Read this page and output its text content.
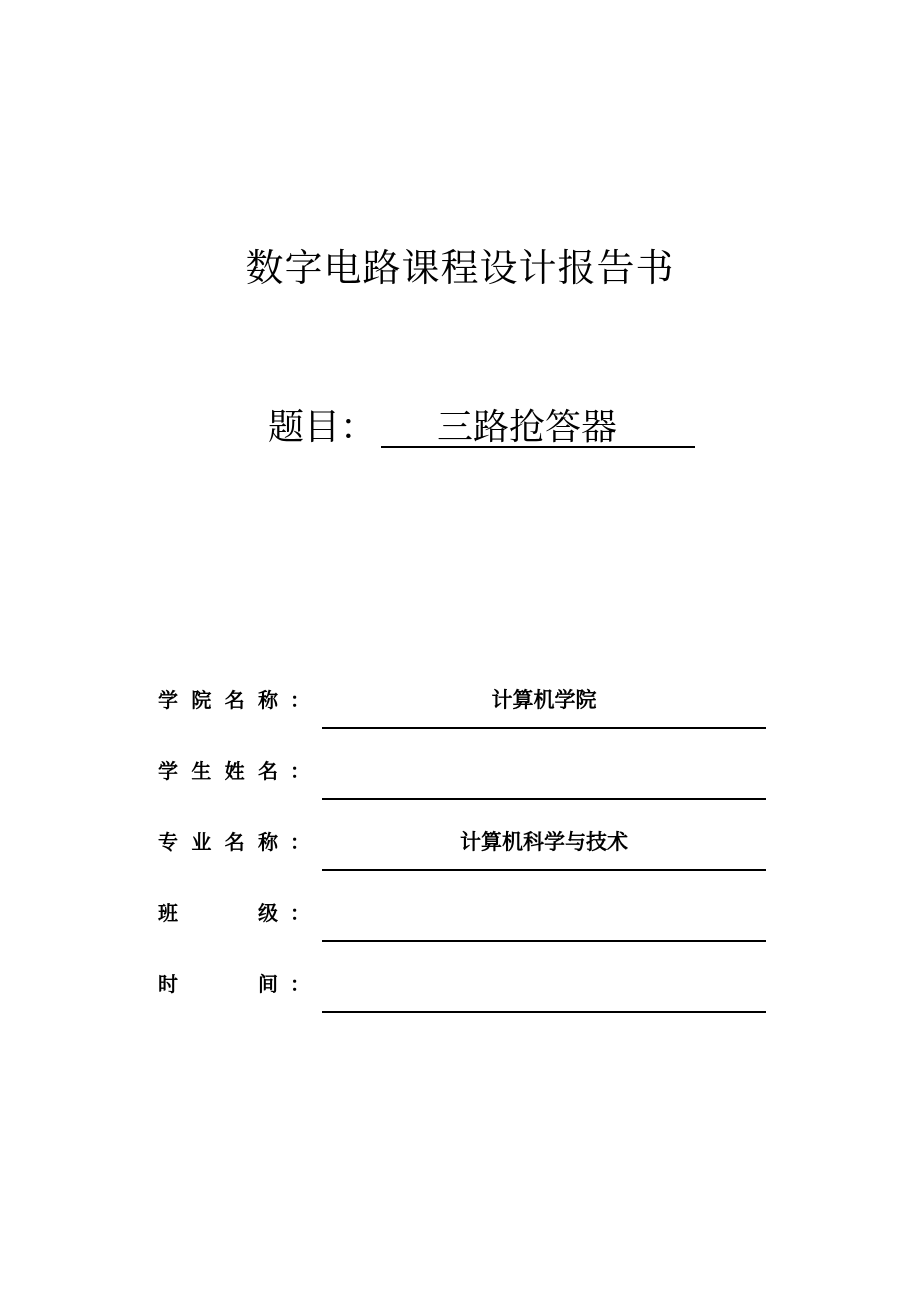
数字电路课程设计报告书
题目： 三路抢答器
学 院 名 称 ：	计算机学院
学 生 姓 名 ：
专 业 名 称 ：	计算机科学与技术
班	级 ：
时	间 ：
